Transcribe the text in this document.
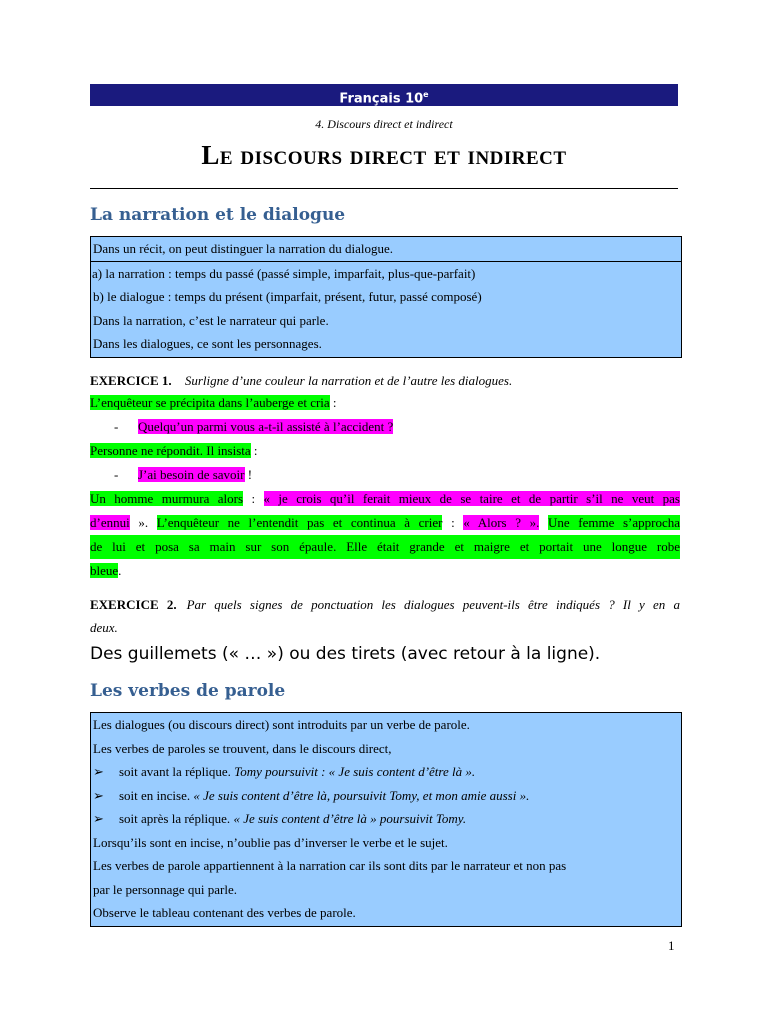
Français 10e
4. Discours direct et indirect
Le discours direct et indirect
La narration et le dialogue
Dans un récit, on peut distinguer la narration du dialogue.
a) la narration : temps du passé (passé simple, imparfait, plus-que-parfait)
b) le dialogue : temps du présent (imparfait, présent, futur, passé composé)
Dans la narration, c’est le narrateur qui parle.
Dans les dialogues, ce sont les personnages.
EXERCICE 1. Surligne d’une couleur la narration et de l’autre les dialogues.
L’enquêteur se précipita dans l’auberge et cria :
- Quelqu’un parmi vous a-t-il assisté à l’accident ?
Personne ne répondit. Il insista :
- J’ai besoin de savoir !
Un homme murmura alors : « je crois qu’il ferait mieux de se taire et de partir s’il ne veut pas
d’ennui ». L’enquêteur ne l’entendit pas et continua à crier : « Alors ? ». Une femme s’approcha
de lui et posa sa main sur son épaule. Elle était grande et maigre et portait une longue robe
bleue.
EXERCICE 2. Par quels signes de ponctuation les dialogues peuvent-ils être indiqués ? Il y en a
deux.
Des guillemets (« … ») ou des tirets (avec retour à la ligne).
Les verbes de parole
Les dialogues (ou discours direct) sont introduits par un verbe de parole.
Les verbes de paroles se trouvent, dans le discours direct,
➢ soit avant la réplique. Tomy poursuivit : « Je suis content d’être là ».
➢ soit en incise. « Je suis content d’être là, poursuivit Tomy, et mon amie aussi ».
➢ soit après la réplique. « Je suis content d’être là » poursuivit Tomy.
Lorsqu’ils sont en incise, n’oublie pas d’inverser le verbe et le sujet.
Les verbes de parole appartiennent à la narration car ils sont dits par le narrateur et non pas
par le personnage qui parle.
Observe le tableau contenant des verbes de parole.
1
